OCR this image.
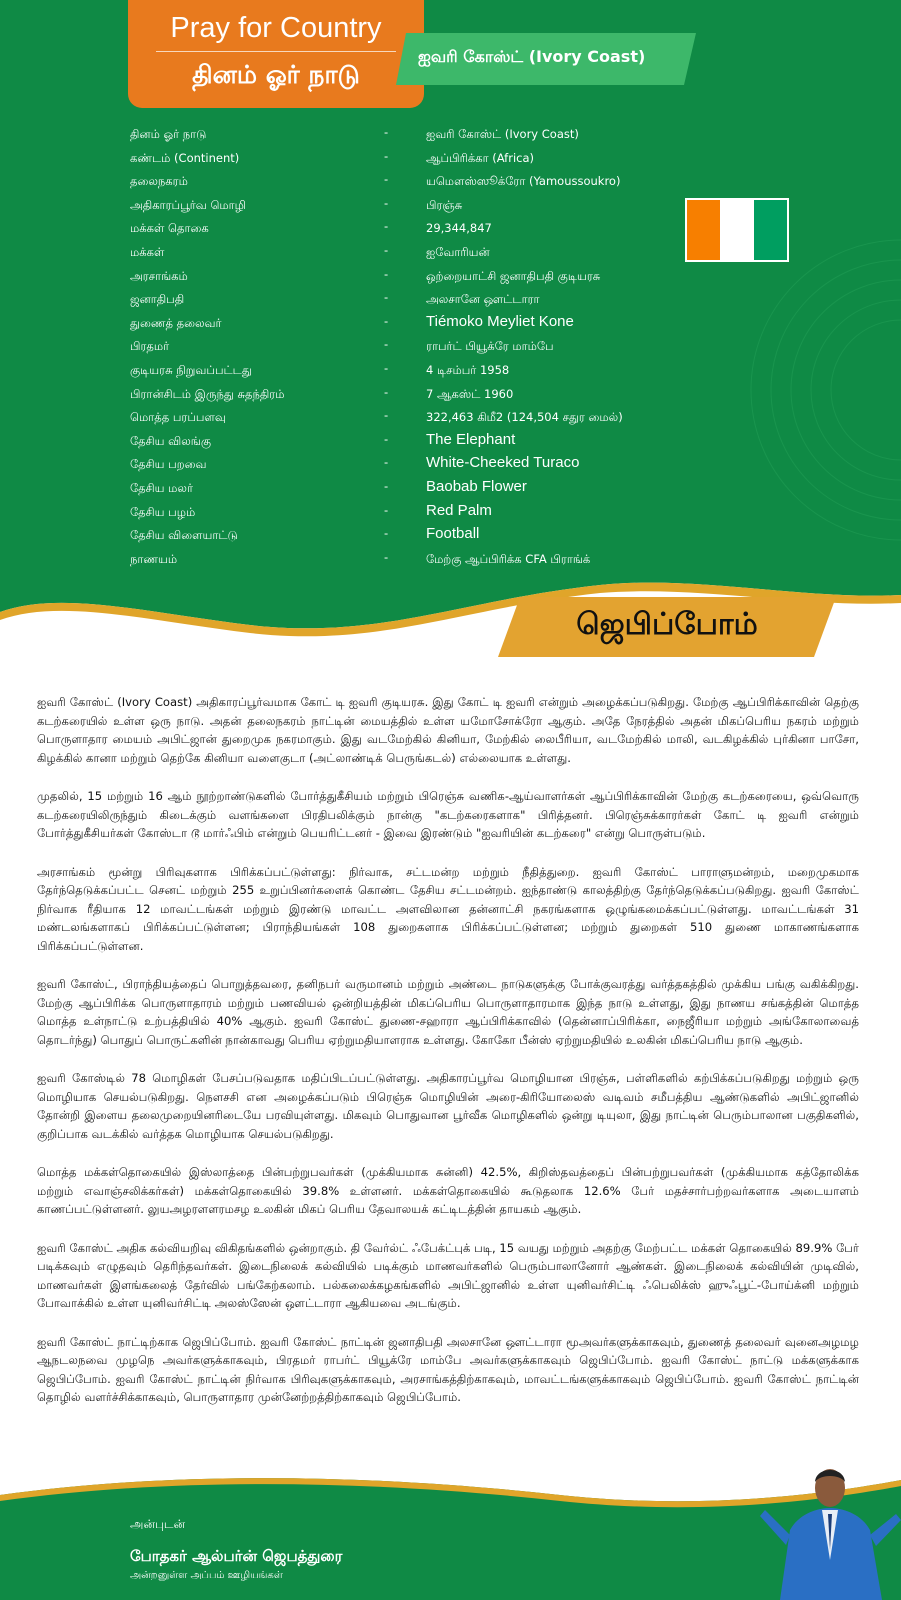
Pray for Country
தினம் ஓர் நாடு
ஐவரி கோஸ்ட் (Ivory Coast)
தினம் ஓர் நாடு	-	ஐவரி கோஸ்ட் (Ivory Coast)
கண்டம் (Continent)	-	ஆப்பிரிக்கா (Africa)
தலைநகரம்	-	யமௌஸ்ஸூக்ரோ (Yamoussoukro)
அதிகாரப்பூர்வ மொழி	-	பிரஞ்சு
மக்கள் தொகை	-	29,344,847
மக்கள்	-	ஐவோரியன்
அரசாங்கம்	-	ஒற்றையாட்சி ஜனாதிபதி குடியரசு
ஜனாதிபதி	-	அலசானே ஔட்டாரா
துணைத் தலைவர்	-	Tiémoko Meyliet Kone
பிரதமர்	-	ராபர்ட் பியூக்ரே மாம்பே
குடியரசு நிறுவப்பட்டது	-	4 டிசம்பர் 1958
பிரான்சிடம் இருந்து சுதந்திரம்	-	7 ஆகஸ்ட் 1960
மொத்த பரப்பளவு	-	322,463 கிமீ2 (124,504 சதுர மைல்)
தேசிய விலங்கு	-	The Elephant
தேசிய பறவை	-	White-Cheeked Turaco
தேசிய மலர்	-	Baobab Flower
தேசிய பழம்	-	Red Palm
தேசிய விளையாட்டு	-	Football
நாணயம்	-	மேற்கு ஆப்பிரிக்க CFA பிராங்க்
ஜெபிப்போம்

ஐவரி கோஸ்ட் (Ivory Coast) அதிகாரப்பூர்வமாக கோட் டி ஐவரி குடியரசு. இது கோட் டி ஐவரி என்றும் அழைக்கப்படுகிறது. மேற்கு ஆப்பிரிக்காவின் தெற்கு கடற்கரையில் உள்ள ஒரு நாடு. அதன் தலைநகரம் நாட்டின் மையத்தில் உள்ள யமோசோக்ரோ ஆகும். அதே நேரத்தில் அதன் மிகப்பெரிய நகரம் மற்றும் பொருளாதார மையம் அபிட்ஜான் துறைமுக நகரமாகும். இது வடமேற்கில் கினியா, மேற்கில் லைபீரியா, வடமேற்கில் மாலி, வடகிழக்கில் புர்கினா பாசோ, கிழக்கில் கானா மற்றும் தெற்கே கினியா வளைகுடா (அட்லாண்டிக் பெருங்கடல்) எல்லையாக உள்ளது.

முதலில், 15 மற்றும் 16 ஆம் நூற்றாண்டுகளில் போர்த்துகீசியம் மற்றும் பிரெஞ்சு வணிக-ஆய்வாளர்கள் ஆப்பிரிக்காவின் மேற்கு கடற்கரையை, ஒவ்வொரு கடற்கரையிலிருந்தும் கிடைக்கும் வளங்களை பிரதிபலிக்கும் நான்கு "கடற்கரைகளாக" பிரித்தனர். பிரெஞ்சுக்காரர்கள் கோட் டி ஐவரி என்றும் போர்த்துகீசியர்கள் கோஸ்டா டூ மார்ஃபிம் என்றும் பெயரிட்டனர் - இவை இரண்டும் "ஐவரியின் கடற்கரை" என்று பொருள்படும்.

அரசாங்கம் மூன்று பிரிவுகளாக பிரிக்கப்பட்டுள்ளது: நிர்வாக, சட்டமன்ற மற்றும் நீதித்துறை. ஐவரி கோஸ்ட் பாராளுமன்றம், மறைமுகமாக தேர்ந்தெடுக்கப்பட்ட செனட் மற்றும் 255 உறுப்பினர்களைக் கொண்ட தேசிய சட்டமன்றம். ஐந்தாண்டு காலத்திற்கு தேர்ந்தெடுக்கப்படுகிறது. ஐவரி கோஸ்ட் நிர்வாக ரீதியாக 12 மாவட்டங்கள் மற்றும் இரண்டு மாவட்ட அளவிலான தன்னாட்சி நகரங்களாக ஒழுங்கமைக்கப்பட்டுள்ளது. மாவட்டங்கள் 31 மண்டலங்களாகப் பிரிக்கப்பட்டுள்ளன; பிராந்தியங்கள் 108 துறைகளாக பிரிக்கப்பட்டுள்ளன; மற்றும் துறைகள் 510 துணை மாகாணங்களாக பிரிக்கப்பட்டுள்ளன.

ஐவரி கோஸ்ட், பிராந்தியத்தைப் பொறுத்தவரை, தனிநபர் வருமானம் மற்றும் அண்டை நாடுகளுக்கு போக்குவரத்து வர்த்தகத்தில் முக்கிய பங்கு வகிக்கிறது. மேற்கு ஆப்பிரிக்க பொருளாதாரம் மற்றும் பணவியல் ஒன்றியத்தின் மிகப்பெரிய பொருளாதாரமாக இந்த நாடு உள்ளது, இது நாணய சங்கத்தின் மொத்த மொத்த உள்நாட்டு உற்பத்தியில் 40% ஆகும். ஐவரி கோஸ்ட் துணை-சஹாரா ஆப்பிரிக்காவில் (தென்னாப்பிரிக்கா, நைஜீரியா மற்றும் அங்கோலாவைத் தொடர்ந்து) பொதுப் பொருட்களின் நான்காவது பெரிய ஏற்றுமதியாளராக உள்ளது. கோகோ பீன்ஸ் ஏற்றுமதியில் உலகின் மிகப்பெரிய நாடு ஆகும்.

ஐவரி கோஸ்டில் 78 மொழிகள் பேசப்படுவதாக மதிப்பிடப்பட்டுள்ளது. அதிகாரப்பூர்வ மொழியான பிரஞ்சு, பள்ளிகளில் கற்பிக்கப்படுகிறது மற்றும் ஒரு மொழியாக செயல்படுகிறது. நௌசசி என அழைக்கப்படும் பிரெஞ்சு மொழியின் அரை-கிரியோலைஸ் வடிவம் சமீபத்திய ஆண்டுகளில் அபிட்ஜானில் தோன்றி இளைய தலைமுறையினரிடையே பரவியுள்ளது. மிகவும் பொதுவான பூர்வீக மொழிகளில் ஒன்று டியுலா, இது நாட்டின் பெரும்பாலான பகுதிகளில், குறிப்பாக வடக்கில் வர்த்தக மொழியாக செயல்படுகிறது.

மொத்த மக்கள்தொகையில் இஸ்லாத்தை பின்பற்றுபவர்கள் (முக்கியமாக சுன்னி) 42.5%, கிறிஸ்தவத்தைப் பின்பற்றுபவர்கள் (முக்கியமாக கத்தோலிக்க மற்றும் எவாஞ்சலிக்கர்கள்) மக்கள்தொகையில் 39.8% உள்ளனர். மக்கள்தொகையில் கூடுதலாக 12.6% பேர் மதச்சார்பற்றவர்களாக அடையாளம் காணப்பட்டுள்ளனர். லுயஅழரளளரமசழ உலகின் மிகப் பெரிய தேவாலயக் கட்டிடத்தின் தாயகம் ஆகும்.

ஐவரி கோஸ்ட் அதிக கல்வியறிவு விகிதங்களில் ஒன்றாகும். தி வேர்ல்ட் ஃபேக்ட்புக் படி, 15 வயது மற்றும் அதற்கு மேற்பட்ட மக்கள் தொகையில் 89.9% பேர் படிக்கவும் எழுதவும் தெரிந்தவர்கள். இடைநிலைக் கல்வியில் படிக்கும் மாணவர்களில் பெரும்பாலானோர் ஆண்கள். இடைநிலைக் கல்வியின் முடிவில், மாணவர்கள் இளங்கலைத் தேர்வில் பங்கேற்கலாம். பல்கலைக்கழகங்களில் அபிட்ஜானில் உள்ள யுனிவர்சிட்டி ஃபெலிக்ஸ் ஹுஃபூட்-போய்க்னி மற்றும் போவாக்கில் உள்ள யுனிவர்சிட்டி அலஸ்ஸேன் ஔட்டாரா ஆகியவை அடங்கும்.

ஐவரி கோஸ்ட் நாட்டிற்காக ஜெபிப்போம். ஐவரி கோஸ்ட் நாட்டின் ஜனாதிபதி அலசானே ஔட்டாரா மூஅவர்களுக்காகவும், துணைத் தலைவர் வுனைஅழமழ ஆநடலநவை முழநெ அவர்களுக்காகவும், பிரதமர் ராபர்ட் பியூக்ரே மாம்பே அவர்களுக்காகவும் ஜெபிப்போம். ஐவரி கோஸ்ட் நாட்டு மக்களுக்காக ஜெபிப்போம். ஐவரி கோஸ்ட் நாட்டின் நிர்வாக பிரிவுகளுக்காகவும், அரசாங்கத்திற்காகவும், மாவட்டங்களுக்காகவும் ஜெபிப்போம். ஐவரி கோஸ்ட் நாட்டின் தொழில் வளர்ச்சிக்காகவும், பொருளாதார முன்னேற்றத்திற்காகவும் ஜெபிப்போம்.

அன்புடன்
போதகர் ஆல்பர்ன் ஜெபத்துரை
அன்றனுள்ள அப்பம் ஊழியங்கள்
